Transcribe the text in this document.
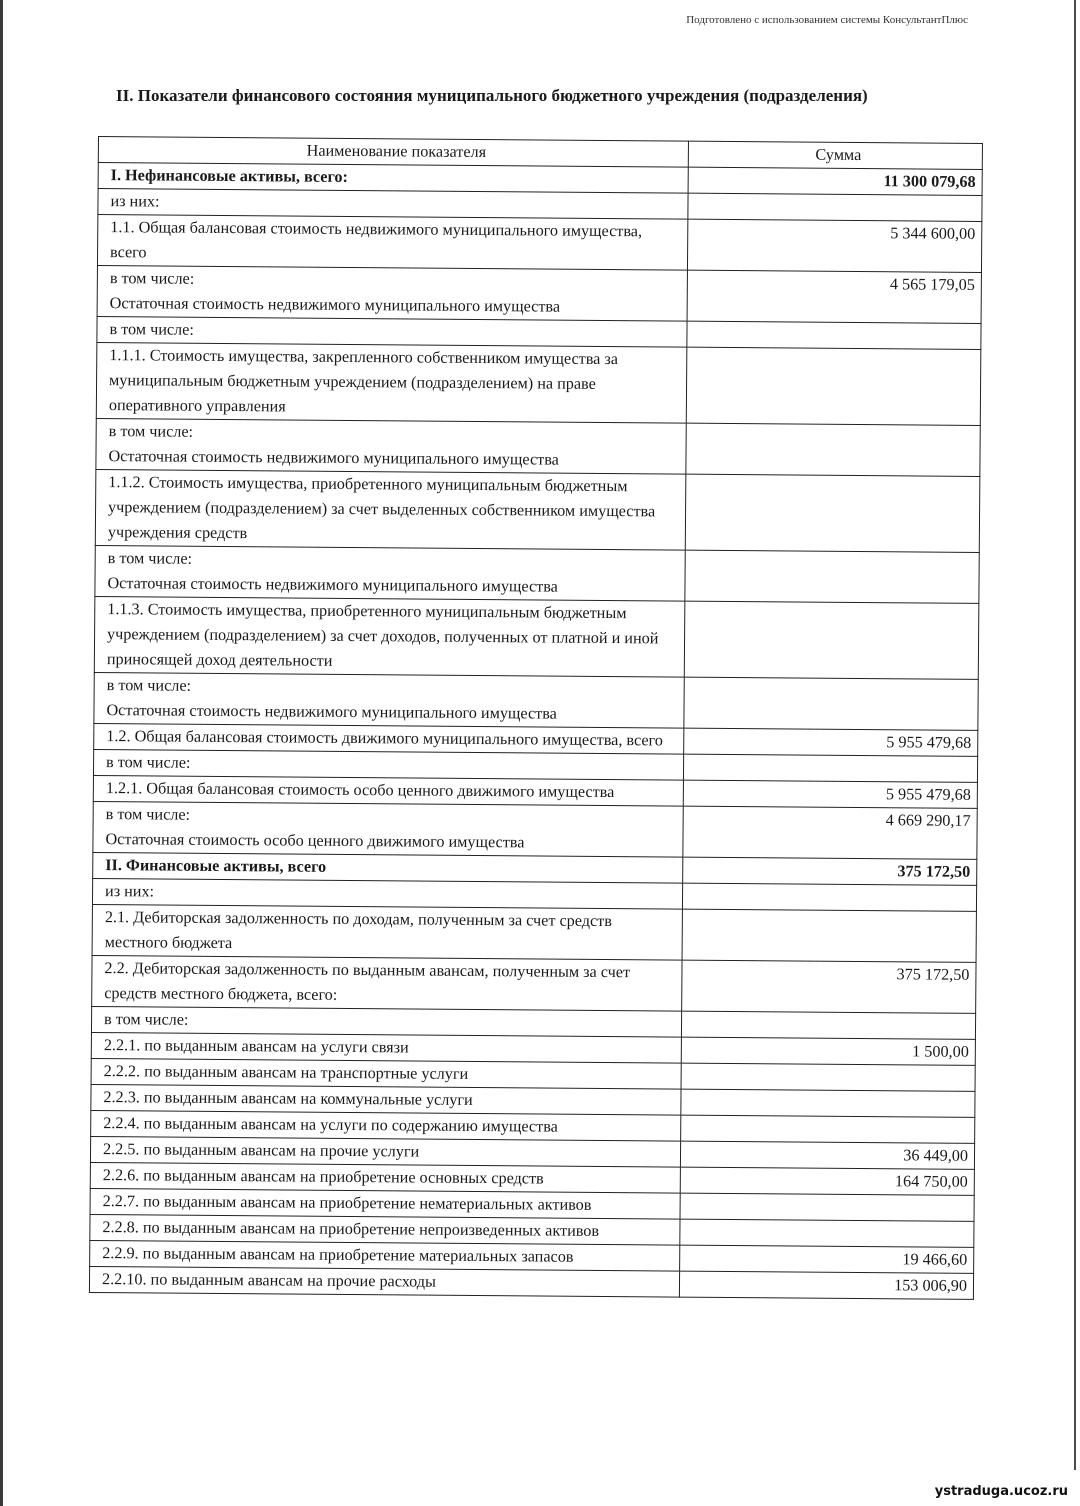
Подготовлено с использованием системы КонсультантПлюс
II. Показатели финансового состояния муниципального бюджетного учреждения (подразделения)
Наименование показателя	Сумма
I. Нефинансовые активы, всего:	11 300 079,68
из них:	
1.1. Общая балансовая стоимость недвижимого муниципального имущества, всего	5 344 600,00
в том числе:
Остаточная стоимость недвижимого муниципального имущества	4 565 179,05
в том числе:	
1.1.1. Стоимость имущества, закрепленного собственником имущества за муниципальным бюджетным учреждением (подразделением) на праве оперативного управления	
в том числе:
Остаточная стоимость недвижимого муниципального имущества	
1.1.2. Стоимость имущества, приобретенного муниципальным бюджетным учреждением (подразделением) за счет выделенных собственником имущества учреждения средств	
в том числе:
Остаточная стоимость недвижимого муниципального имущества	
1.1.3. Стоимость имущества, приобретенного муниципальным бюджетным учреждением (подразделением) за счет доходов, полученных от платной и иной приносящей доход деятельности	
в том числе:
Остаточная стоимость недвижимого муниципального имущества	
1.2. Общая балансовая стоимость движимого муниципального имущества, всего	5 955 479,68
в том числе:	
1.2.1. Общая балансовая стоимость особо ценного движимого имущества	5 955 479,68
в том числе:
Остаточная стоимость особо ценного движимого имущества	4 669 290,17
II. Финансовые активы, всего	375 172,50
из них:	
2.1. Дебиторская задолженность по доходам, полученным за счет средств местного бюджета	
2.2. Дебиторская задолженность по выданным авансам, полученным за счет средств местного бюджета, всего:	375 172,50
в том числе:	
2.2.1. по выданным авансам на услуги связи	1 500,00
2.2.2. по выданным авансам на транспортные услуги	
2.2.3. по выданным авансам на коммунальные услуги	
2.2.4. по выданным авансам на услуги по содержанию имущества	
2.2.5. по выданным авансам на прочие услуги	36 449,00
2.2.6. по выданным авансам на приобретение основных средств	164 750,00
2.2.7. по выданным авансам на приобретение нематериальных активов	
2.2.8. по выданным авансам на приобретение непроизведенных активов	
2.2.9. по выданным авансам на приобретение материальных запасов	19 466,60
2.2.10. по выданным авансам на прочие расходы	153 006,90
ystraduga.ucoz.ru
